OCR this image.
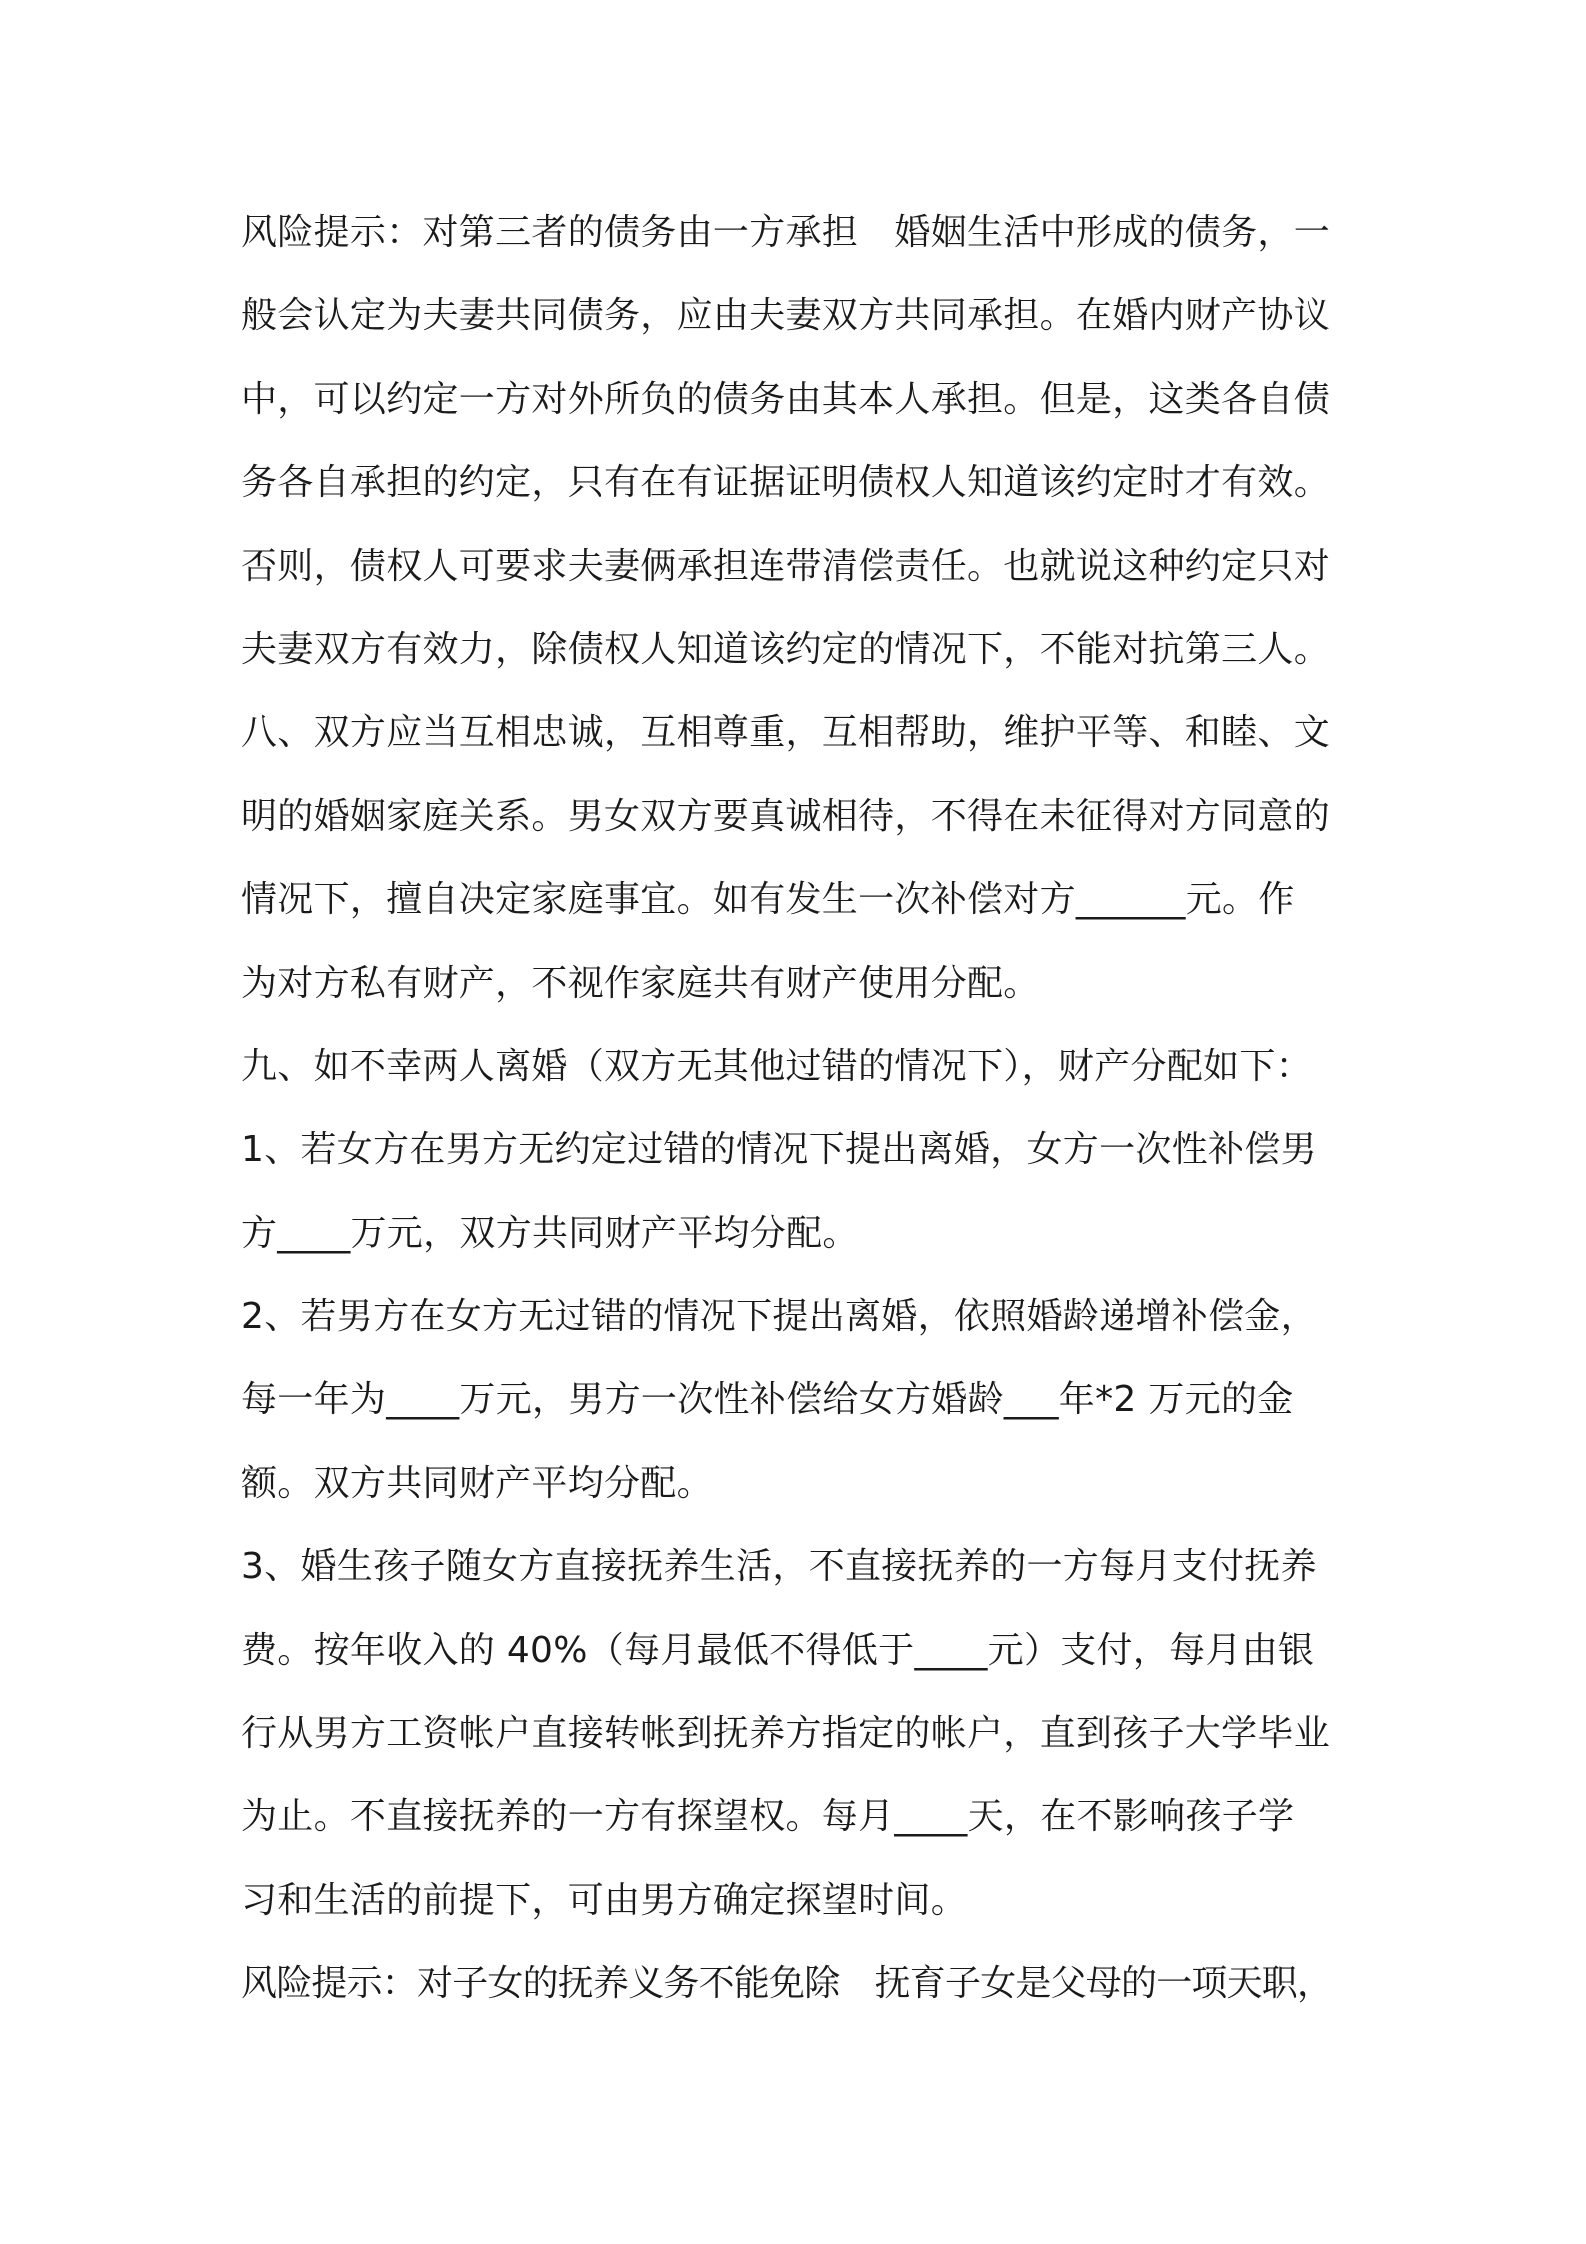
风险提示：对第三者的债务由一方承担　婚姻生活中形成的债务，一
般会认定为夫妻共同债务，应由夫妻双方共同承担。在婚内财产协议
中，可以约定一方对外所负的债务由其本人承担。但是，这类各自债
务各自承担的约定，只有在有证据证明债权人知道该约定时才有效。
否则，债权人可要求夫妻俩承担连带清偿责任。也就说这种约定只对
夫妻双方有效力，除债权人知道该约定的情况下，不能对抗第三人。
八、双方应当互相忠诚，互相尊重，互相帮助，维护平等、和睦、文
明的婚姻家庭关系。男女双方要真诚相待，不得在未征得对方同意的
情况下，擅自决定家庭事宜。如有发生一次补偿对方______元。作
为对方私有财产，不视作家庭共有财产使用分配。
九、如不幸两人离婚（双方无其他过错的情况下），财产分配如下：
1、若女方在男方无约定过错的情况下提出离婚，女方一次性补偿男
方____万元，双方共同财产平均分配。
2、若男方在女方无过错的情况下提出离婚，依照婚龄递增补偿金，
每一年为____万元，男方一次性补偿给女方婚龄___年*2 万元的金
额。双方共同财产平均分配。
3、婚生孩子随女方直接抚养生活，不直接抚养的一方每月支付抚养
费。按年收入的 40%（每月最低不得低于____元）支付，每月由银
行从男方工资帐户直接转帐到抚养方指定的帐户，直到孩子大学毕业
为止。不直接抚养的一方有探望权。每月____天，在不影响孩子学
习和生活的前提下，可由男方确定探望时间。
风险提示：对子女的抚养义务不能免除　抚育子女是父母的一项天职，
